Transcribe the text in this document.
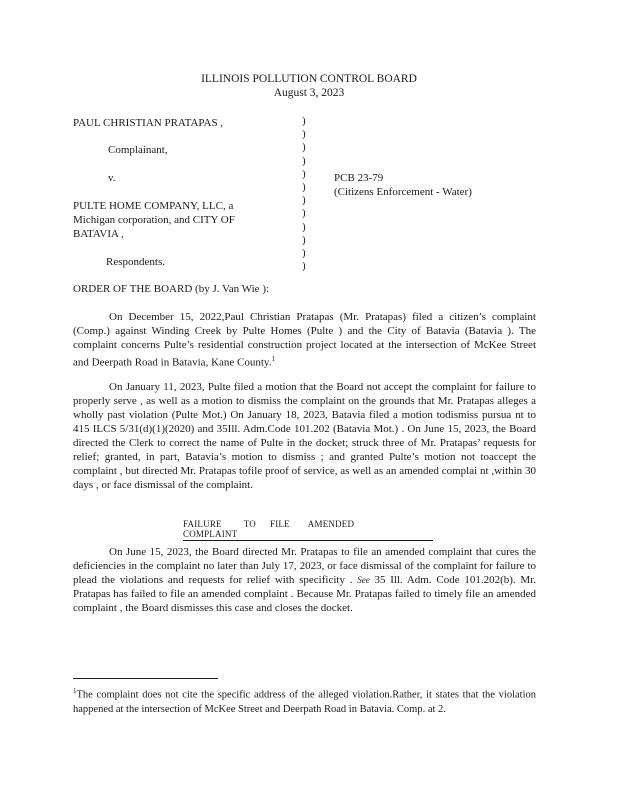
ILLINOIS POLLUTION CONTROL BOARD
August 3, 2023
PAUL CHRISTIAN PRATAPAS ,
Complainant,
v.
PULTE HOME COMPANY, LLC, a
Michigan corporation, and CITY OF
BATAVIA ,
Respondents.
)
)
)
)
)
)
)
)
)
)
)
)
PCB 23-79
(Citizens Enforcement - Water)
ORDER OF THE BOARD (by J. Van Wie ):
On December 15, 2022,Paul Christian Pratapas (Mr. Pratapas) filed a citizen’s complaint (Comp.) against Winding Creek by Pulte Homes (Pulte ) and the City of Batavia (Batavia ). The complaint concerns Pulte’s residential construction project located at the intersection of McKee Street and Deerpath Road in Batavia, Kane County.$^1$
On January 11, 2023, Pulte filed a motion that the Board not accept the complaint for failure to properly serve , as well as a motion to dismiss the complaint on the grounds that Mr. Pratapas alleges a wholly past violation (Pulte Mot.) On January 18, 2023, Batavia filed a motion todismiss pursua nt to 415 ILCS 5/31(d)(1)(2020) and 35Ill. Adm.Code 101.202 (Batavia Mot.) . On June 15, 2023, the Board directed the Clerk to correct the name of Pulte in the docket; struck three of Mr. Pratapas’ requests for relief; granted, in part, Batavia’s motion to dismiss ; and granted Pulte’s motion not toaccept the complaint , but directed Mr. Pratapas tofile proof of service, as well as an amended complai nt ,within 30 days , or face dismissal of the complaint.
FAILURE TO FILE AMENDEDCOMPLAINT
On June 15, 2023, the Board directed Mr. Pratapas to file an amended complaint that cures the deficiencies in the complaint no later than July 17, 2023, or face dismissal of the complaint for failure to plead the violations and requests for relief with specificity . See 35 Ill. Adm. Code 101.202(b). Mr. Pratapas has failed to file an amended complaint . Because Mr. Pratapas failed to timely file an amended complaint , the Board dismisses this case and closes the docket.
$^1$The complaint does not cite the specific address of the alleged violation.Rather, it states that the violation happened at the intersection of McKee Street and Deerpath Road in Batavia. Comp. at 2.
